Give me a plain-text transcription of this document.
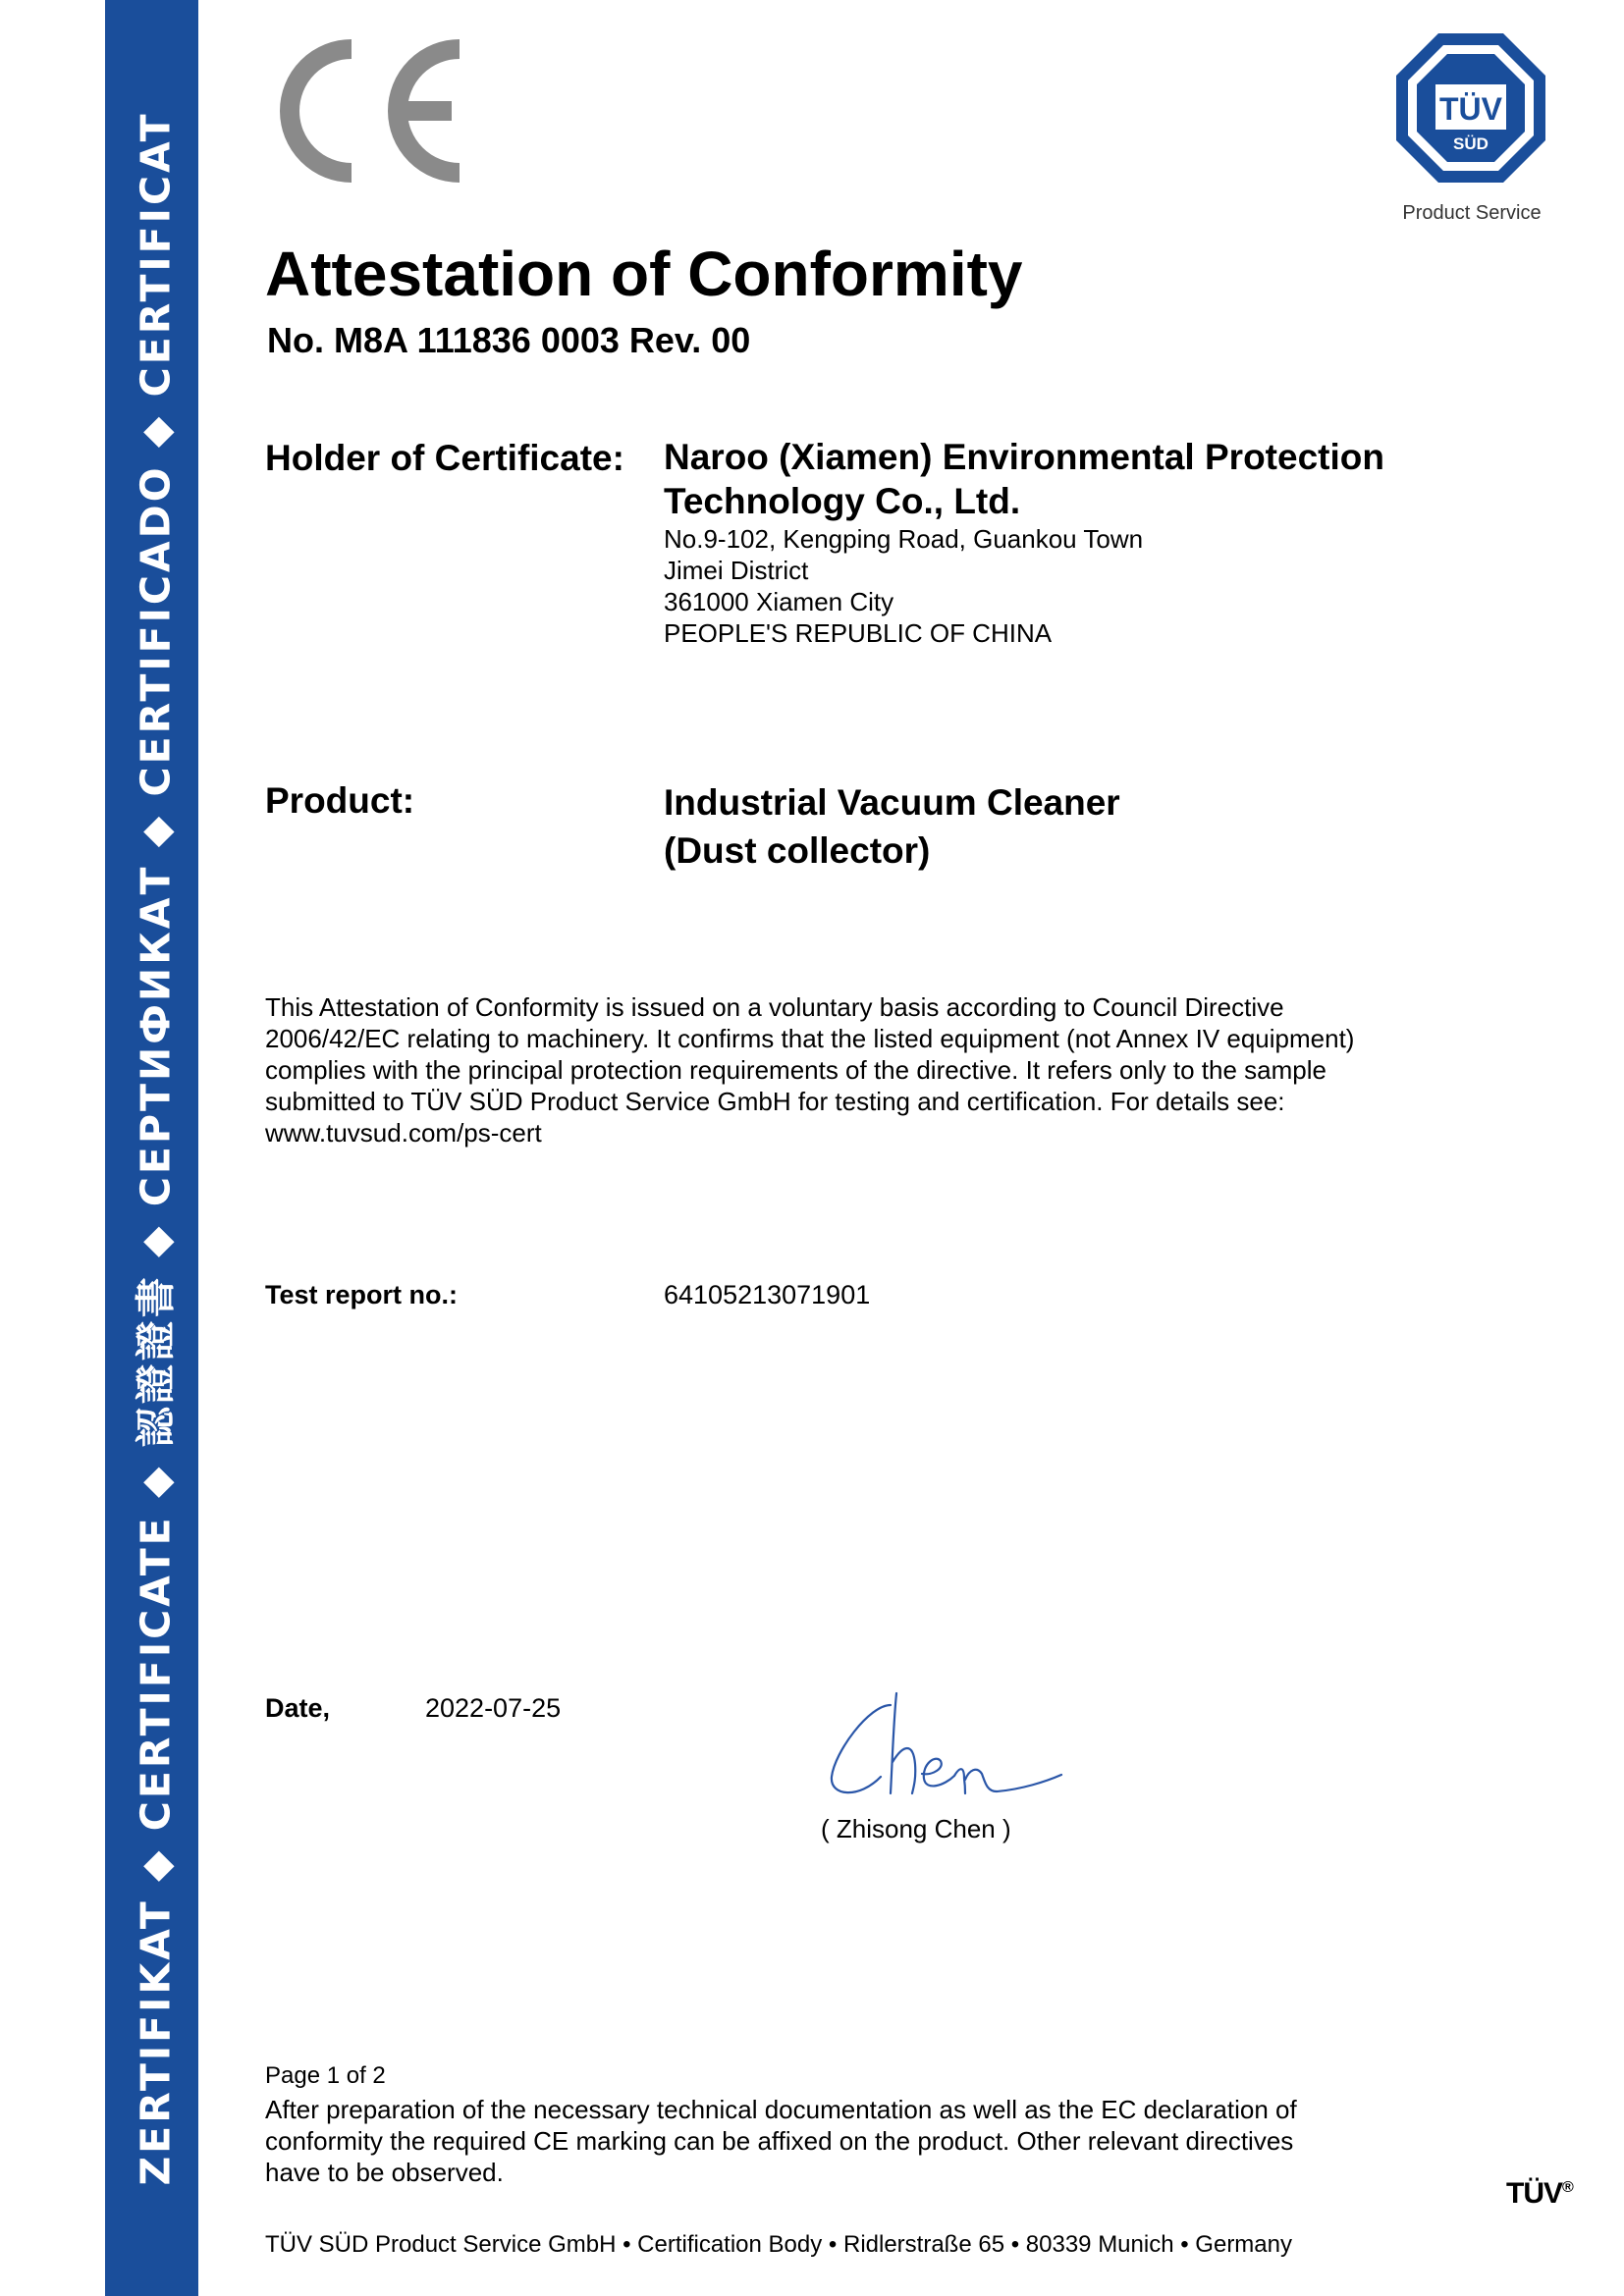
ZERTIFIKAT ◆ CERTIFICATE ◆ 認證證書 ◆ СЕРТИФИКАТ ◆ CERTIFICADO ◆ CERTIFICAT
TÜV
SÜD
Product Service
Attestation of Conformity
No. M8A 111836 0003 Rev. 00
Holder of Certificate: Naroo (Xiamen) Environmental Protection
Technology Co., Ltd.
No.9-102, Kengping Road, Guankou Town
Jimei District
361000 Xiamen City
PEOPLE'S REPUBLIC OF CHINA
Product:	Industrial Vacuum Cleaner
(Dust collector)
This Attestation of Conformity is issued on a voluntary basis according to Council Directive
2006/42/EC relating to machinery. It confirms that the listed equipment (not Annex IV equipment)
complies with the principal protection requirements of the directive. It refers only to the sample
submitted to TÜV SÜD Product Service GmbH for testing and certification. For details see:
www.tuvsud.com/ps-cert
Test report no.:	64105213071901
Date,	2022-07-25
( Zhisong Chen )
Page 1 of 2
After preparation of the necessary technical documentation as well as the EC declaration of
conformity the required CE marking can be affixed on the product. Other relevant directives
have to be observed.
TÜV®
TÜV SÜD Product Service GmbH • Certification Body • Ridlerstraße 65 • 80339 Munich • Germany
